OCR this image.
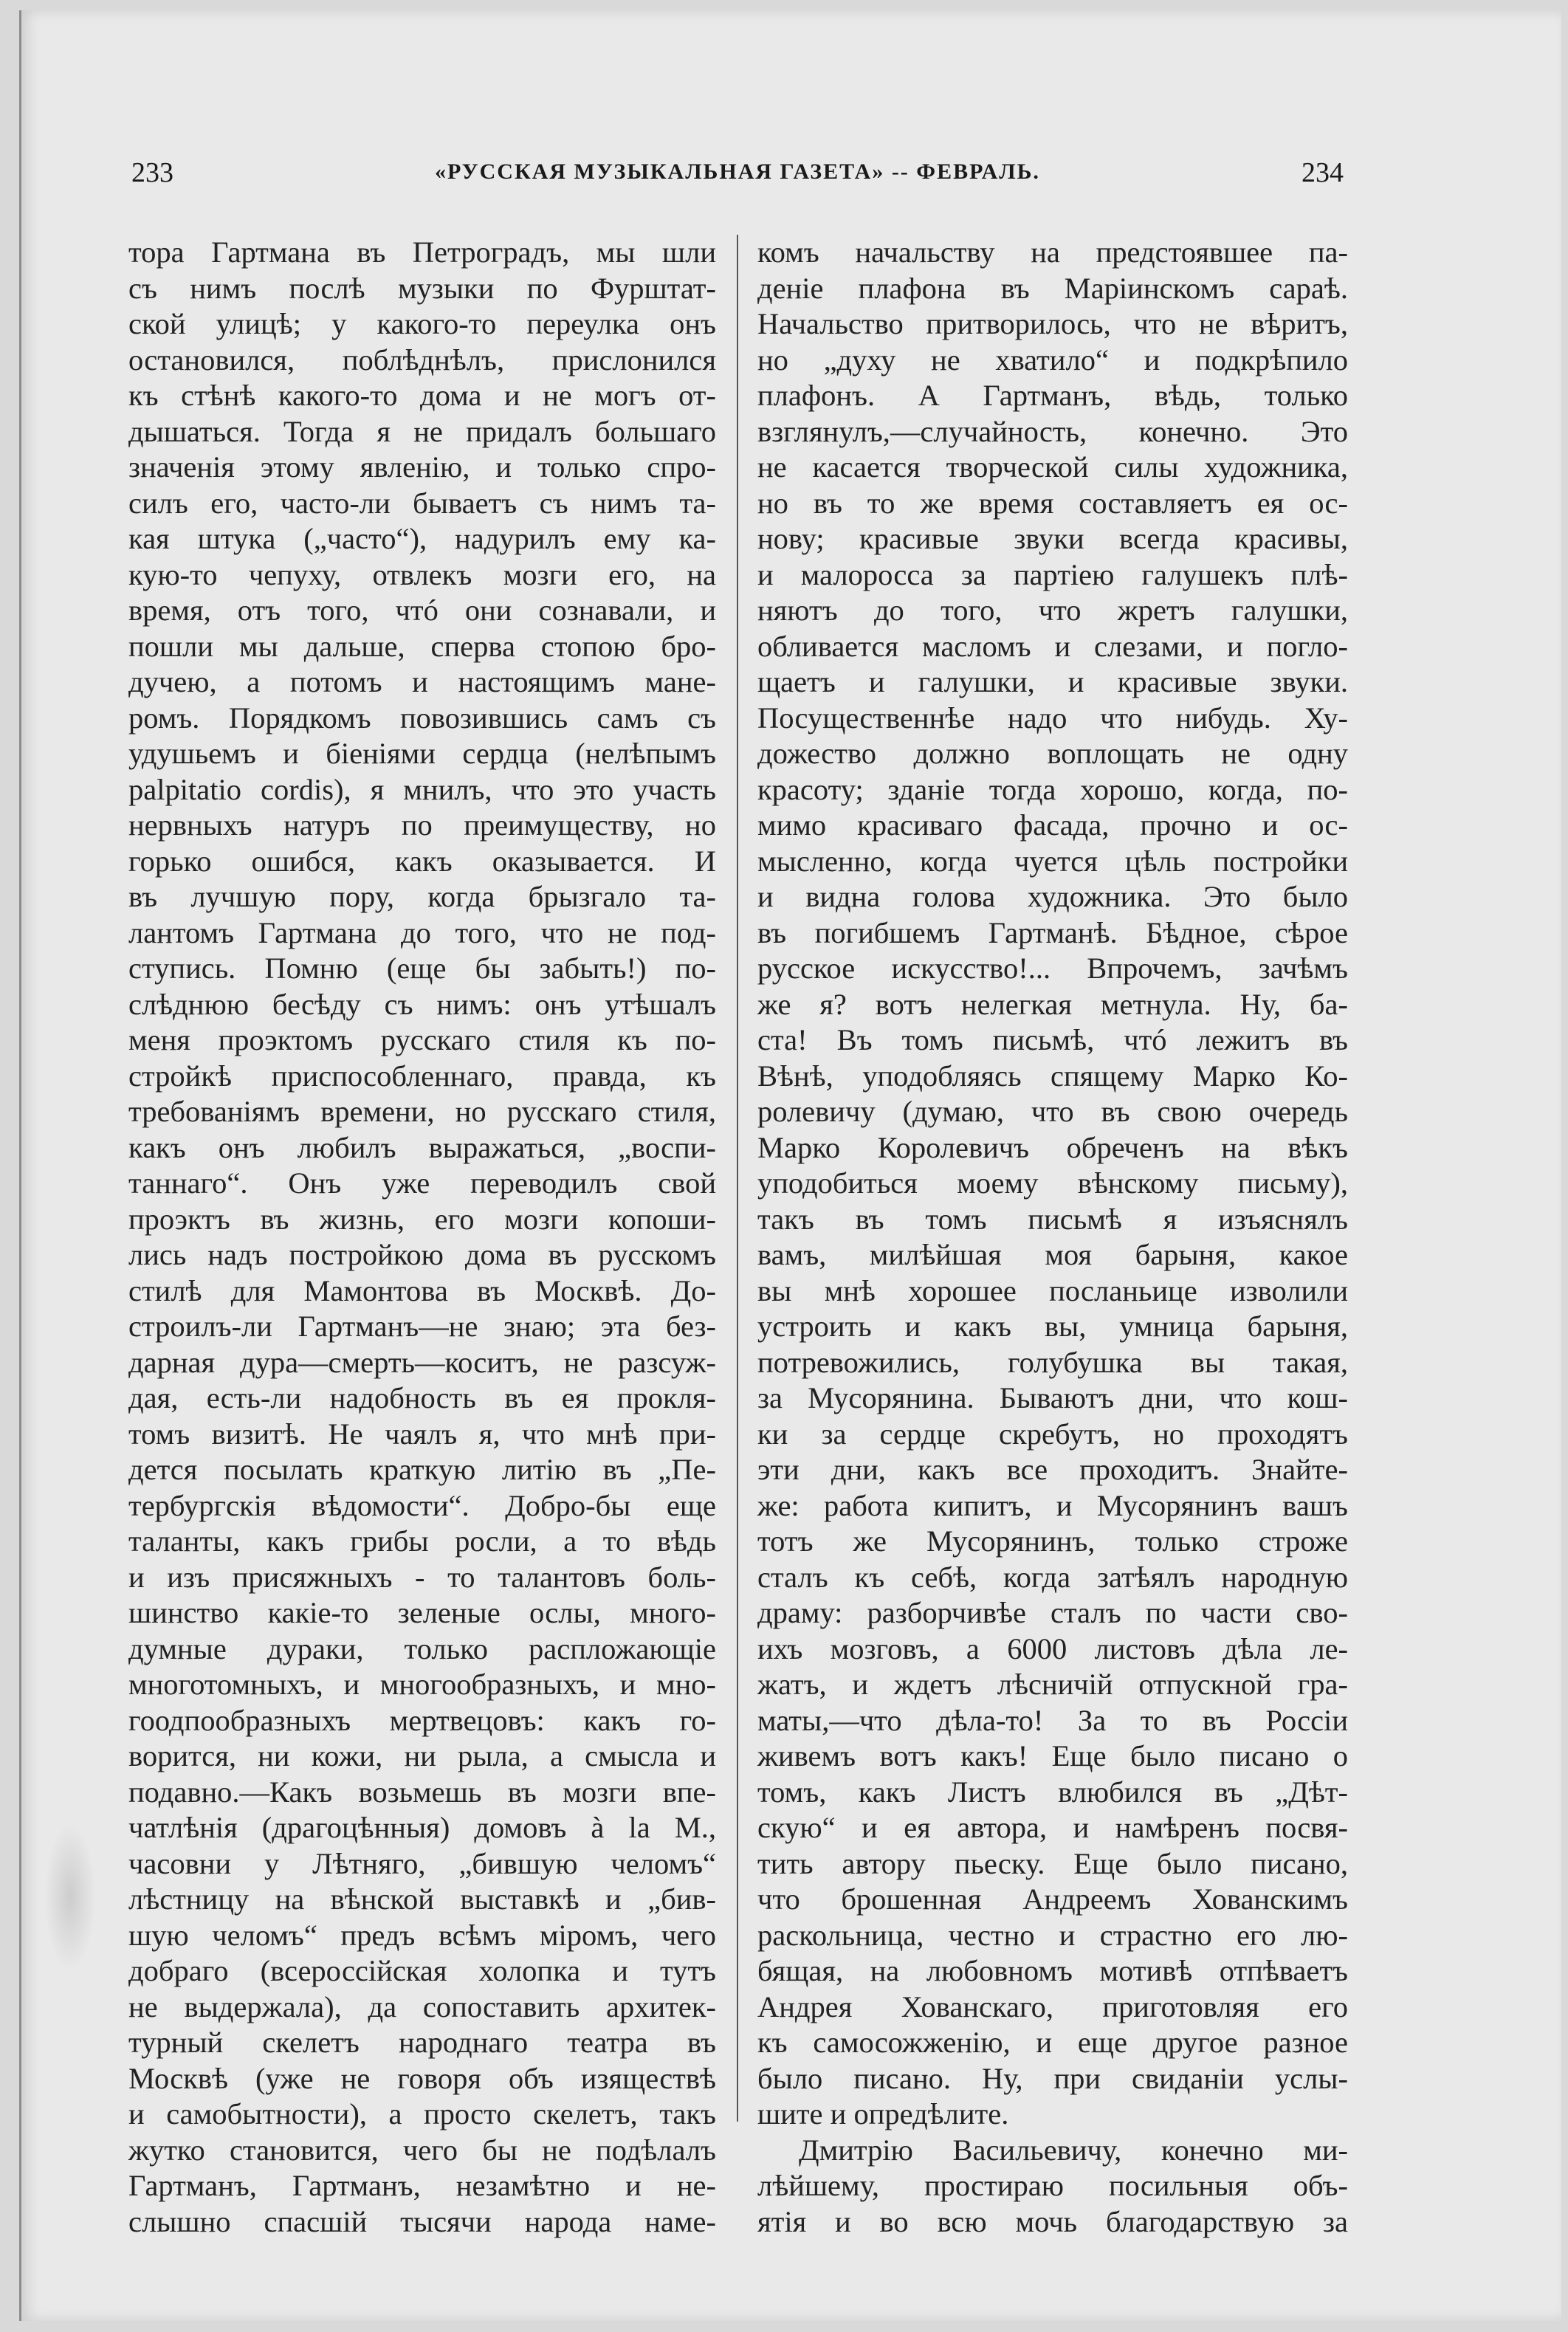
233	«РУССКАЯ МУЗЫКАЛЬНАЯ ГАЗЕТА» -- ФЕВРАЛЬ.	234
тора Гартмана въ Петроградъ, мы шли
съ нимъ послѣ музыки по Фурштат-
ской улицѣ; у какого-то переулка онъ
остановился, поблѣднѣлъ, прислонился
къ стѣнѣ какого-то дома и не могъ от-
дышаться. Тогда я не придалъ большаго
значенія этому явленію, и только спро-
силъ его, часто-ли бываетъ съ нимъ та-
кая штука („часто“), надурилъ ему ка-
кую-то чепуху, отвлекъ мозги его, на
время, отъ того, чтó они сознавали, и
пошли мы дальше, сперва стопою бро-
дучею, а потомъ и настоящимъ мане-
ромъ. Порядкомъ повозившись самъ съ
удушьемъ и біеніями сердца (нелѣпымъ
palpitatio cordis), я мнилъ, что это участь
нервныхъ натуръ по преимуществу, но
горько ошибся, какъ оказывается. И
въ лучшую пору, когда брызгало та-
лантомъ Гартмана до того, что не под-
ступись. Помню (еще бы забыть!) по-
слѣднюю бесѣду съ нимъ: онъ утѣшалъ
меня проэктомъ русскаго стиля къ по-
стройкѣ приспособленнаго, правда, къ
требованіямъ времени, но русскаго стиля,
какъ онъ любилъ выражаться, „воспи-
таннаго“. Онъ уже переводилъ свой
проэктъ въ жизнь, его мозги копоши-
лись надъ постройкою дома въ русскомъ
стилѣ для Мамонтова въ Москвѣ. До-
строилъ-ли Гартманъ—не знаю; эта без-
дарная дура—смерть—коситъ, не разсуж-
дая, есть-ли надобность въ ея прокля-
томъ визитѣ. Не чаялъ я, что мнѣ при-
дется посылать краткую литію въ „Пе-
тербургскія вѣдомости“. Добро-бы еще
таланты, какъ грибы росли, а то вѣдь
и изъ присяжныхъ - то талантовъ боль-
шинство какіе-то зеленые ослы, много-
думные дураки, только распложающіе
многотомныхъ, и многообразныхъ, и мно-
гоодпообразныхъ мертвецовъ: какъ го-
ворится, ни кожи, ни рыла, а смысла и
подавно.—Какъ возьмешь въ мозги впе-
чатлѣнія (драгоцѣнныя) домовъ à la М.,
часовни у Лѣтняго, „бившую челомъ“
лѣстницу на вѣнской выставкѣ и „бив-
шую челомъ“ предъ всѣмъ міромъ, чего
добраго (всероссійская холопка и тутъ
не выдержала), да сопоставить архитек-
турный скелетъ народнаго театра въ
Москвѣ (уже не говоря объ изяществѣ
и самобытности), а просто скелетъ, такъ
жутко становится, чего бы не подѣлалъ
Гартманъ, Гартманъ, незамѣтно и не-
слышно спасшій тысячи народа наме-
комъ начальству на предстоявшее па-
деніе плафона въ Маріинскомъ сараѣ.
Начальство притворилось, что не вѣритъ,
но „духу не хватило“ и подкрѣпило
плафонъ. А Гартманъ, вѣдь, только
взглянулъ,—случайность, конечно. Это
не касается творческой силы художника,
но въ то же время составляетъ ея ос-
нову; красивые звуки всегда красивы,
и малоросса за партіею галушекъ плѣ-
няютъ до того, что жретъ галушки,
обливается масломъ и слезами, и погло-
щаетъ и галушки, и красивые звуки.
Посущественнѣе надо что нибудь. Ху-
дожество должно воплощать не одну
красоту; зданіе тогда хорошо, когда, по-
мимо красиваго фасада, прочно и ос-
мысленно, когда чуется цѣль постройки
и видна голова художника. Это было
въ погибшемъ Гартманѣ. Бѣдное, сѣрое
русское искусство!... Впрочемъ, зачѣмъ
же я? вотъ нелегкая метнула. Ну, ба-
ста! Въ томъ письмѣ, чтó лежитъ въ
Вѣнѣ, уподобляясь спящему Марко Ко-
ролевичу (думаю, что въ свою очередь
Марко Королевичъ обреченъ на вѣкъ
уподобиться моему вѣнскому письму),
такъ въ томъ письмѣ я изъяснялъ
вамъ, милѣйшая моя барыня, какое
вы мнѣ хорошее посланьице изволили
устроить и какъ вы, умница барыня,
потревожились, голубушка вы такая,
за Мусорянина. Бываютъ дни, что кош-
ки за сердце скребутъ, но проходятъ
эти дни, какъ все проходитъ. Знайте-
же: работа кипитъ, и Мусорянинъ вашъ
тотъ же Мусорянинъ, только строже
сталъ къ себѣ, когда затѣялъ народную
драму: разборчивѣе сталъ по части сво-
ихъ мозговъ, а 6000 листовъ дѣла ле-
жатъ, и ждетъ лѣсничій отпускной гра-
маты,—что дѣла-то! За то въ Россіи
живемъ вотъ какъ! Еще было писано о
томъ, какъ Листъ влюбился въ „Дѣт-
скую“ и ея автора, и намѣренъ посвя-
тить автору пьеску. Еще было писано,
что брошенная Андреемъ Хованскимъ
раскольница, честно и страстно его лю-
бящая, на любовномъ мотивѣ отпѣваетъ
Андрея Хованскаго, приготовляя его
къ самосожженію, и еще другое разное
было писано. Ну, при свиданіи услы-
шите и опредѣлите.
Дмитрію Васильевичу, конечно ми-
лѣйшему, простираю посильныя объ-
ятія и во всю мочь благодарствую за
